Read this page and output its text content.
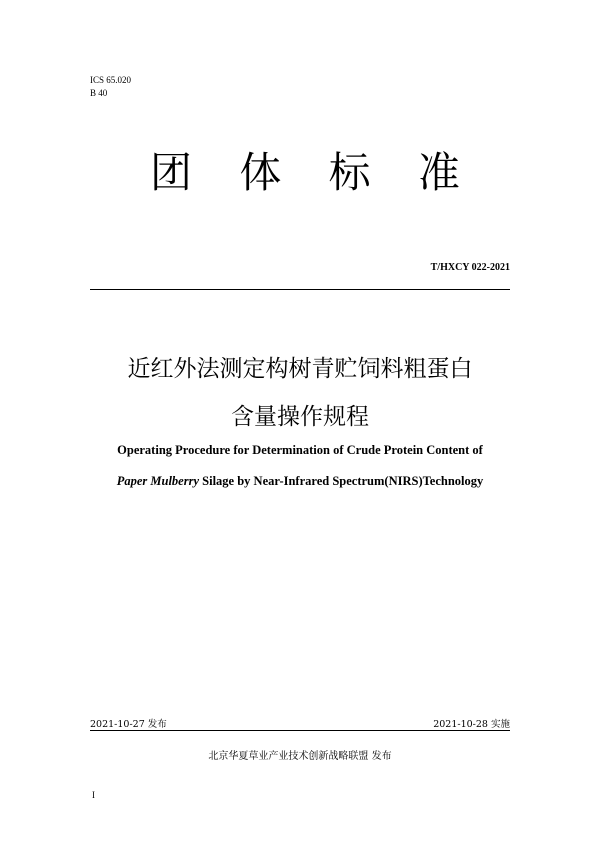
ICS 65.020
B 40
团 体 标 准
T/HXCY 022-2021
近红外法测定构树青贮饲料粗蛋白
含量操作规程
Operating Procedure for Determination of Crude Protein Content of
Paper Mulberry Silage by Near-Infrared Spectrum(NIRS)Technology
2021-10-27 发布	2021-10-28 实施
北京华夏草业产业技术创新战略联盟 发布
I
